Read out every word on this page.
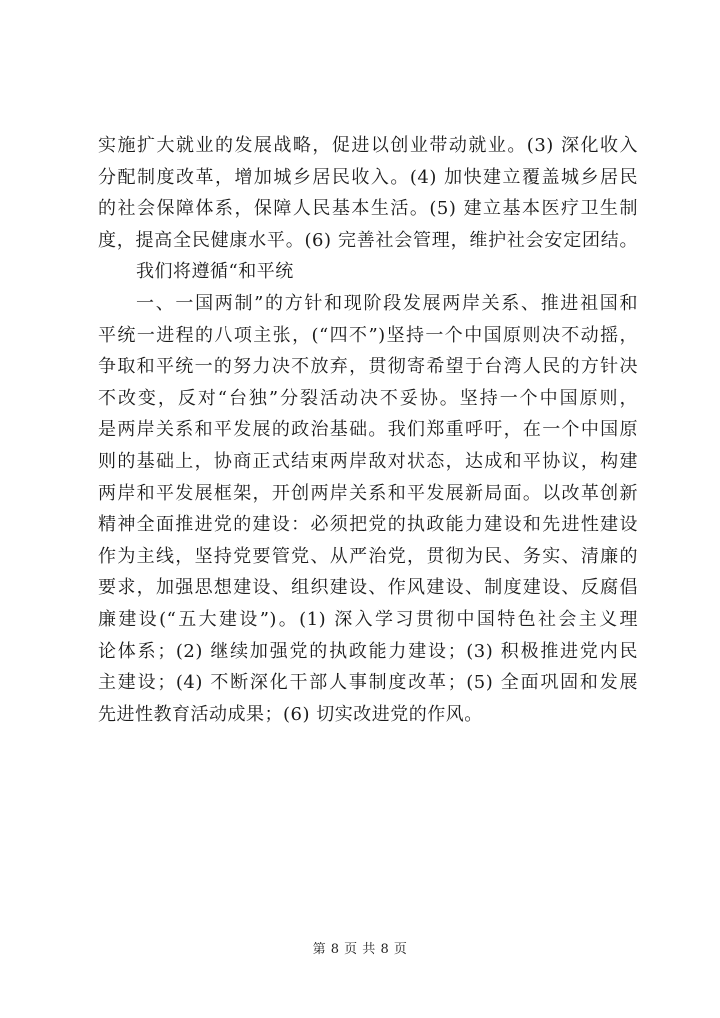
实施扩大就业的发展战略，促进以创业带动就业。(3) 深化收入
分配制度改革，增加城乡居民收入。(4) 加快建立覆盖城乡居民
的社会保障体系，保障人民基本生活。(5) 建立基本医疗卫生制
度，提高全民健康水平。(6) 完善社会管理，维护社会安定团结。
我们将遵循“和平统
一、一国两制”的方针和现阶段发展两岸关系、推进祖国和
平统一进程的八项主张，(“四不”)坚持一个中国原则决不动摇，
争取和平统一的努力决不放弃，贯彻寄希望于台湾人民的方针决
不改变，反对“台独”分裂活动决不妥协。坚持一个中国原则，
是两岸关系和平发展的政治基础。我们郑重呼吁，在一个中国原
则的基础上，协商正式结束两岸敌对状态，达成和平协议，构建
两岸和平发展框架，开创两岸关系和平发展新局面。以改革创新
精神全面推进党的建设：必须把党的执政能力建设和先进性建设
作为主线，坚持党要管党、从严治党，贯彻为民、务实、清廉的
要求，加强思想建设、组织建设、作风建设、制度建设、反腐倡
廉建设(“五大建设”)。(1) 深入学习贯彻中国特色社会主义理
论体系；(2) 继续加强党的执政能力建设；(3) 积极推进党内民
主建设；(4) 不断深化干部人事制度改革；(5) 全面巩固和发展
先进性教育活动成果；(6) 切实改进党的作风。
第 8 页 共 8 页
